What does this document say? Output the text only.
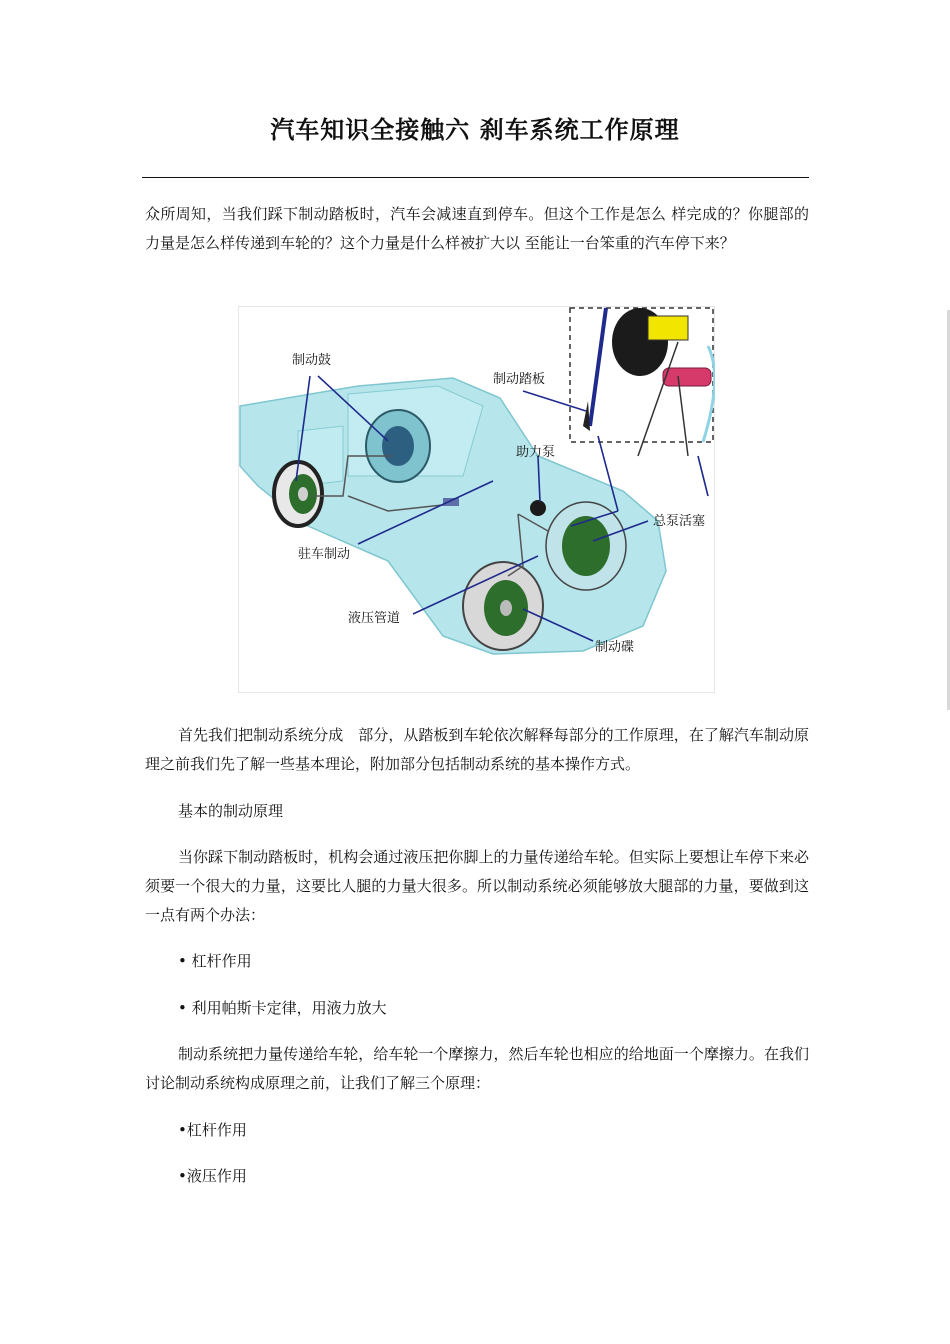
汽车知识全接触六 刹车系统工作原理

众所周知，当我们踩下制动踏板时，汽车会减速直到停车。但这个工作是怎么 样完成的？你腿部的力量是怎么样传递到车轮的？这个力量是什么样被扩大以 至能让一台笨重的汽车停下来？

制动鼓
制动踏板
助力泵
总泵活塞
驻车制动
液压管道
制动碟

首先我们把制动系统分成　部分，从踏板到车轮依次解释每部分的工作原理，在了解汽车制动原理之前我们先了解一些基本理论，附加部分包括制动系统的基本操作方式。

基本的制动原理

当你踩下制动踏板时，机构会通过液压把你脚上的力量传递给车轮。但实际上要想让车停下来必须要一个很大的力量，这要比人腿的力量大很多。所以制动系统必须能够放大腿部的力量，要做到这一点有两个办法：

• 杠杆作用

• 利用帕斯卡定律，用液力放大

制动系统把力量传递给车轮，给车轮一个摩擦力，然后车轮也相应的给地面一个摩擦力。在我们讨论制动系统构成原理之前，让我们了解三个原理：

•杠杆作用

•液压作用
